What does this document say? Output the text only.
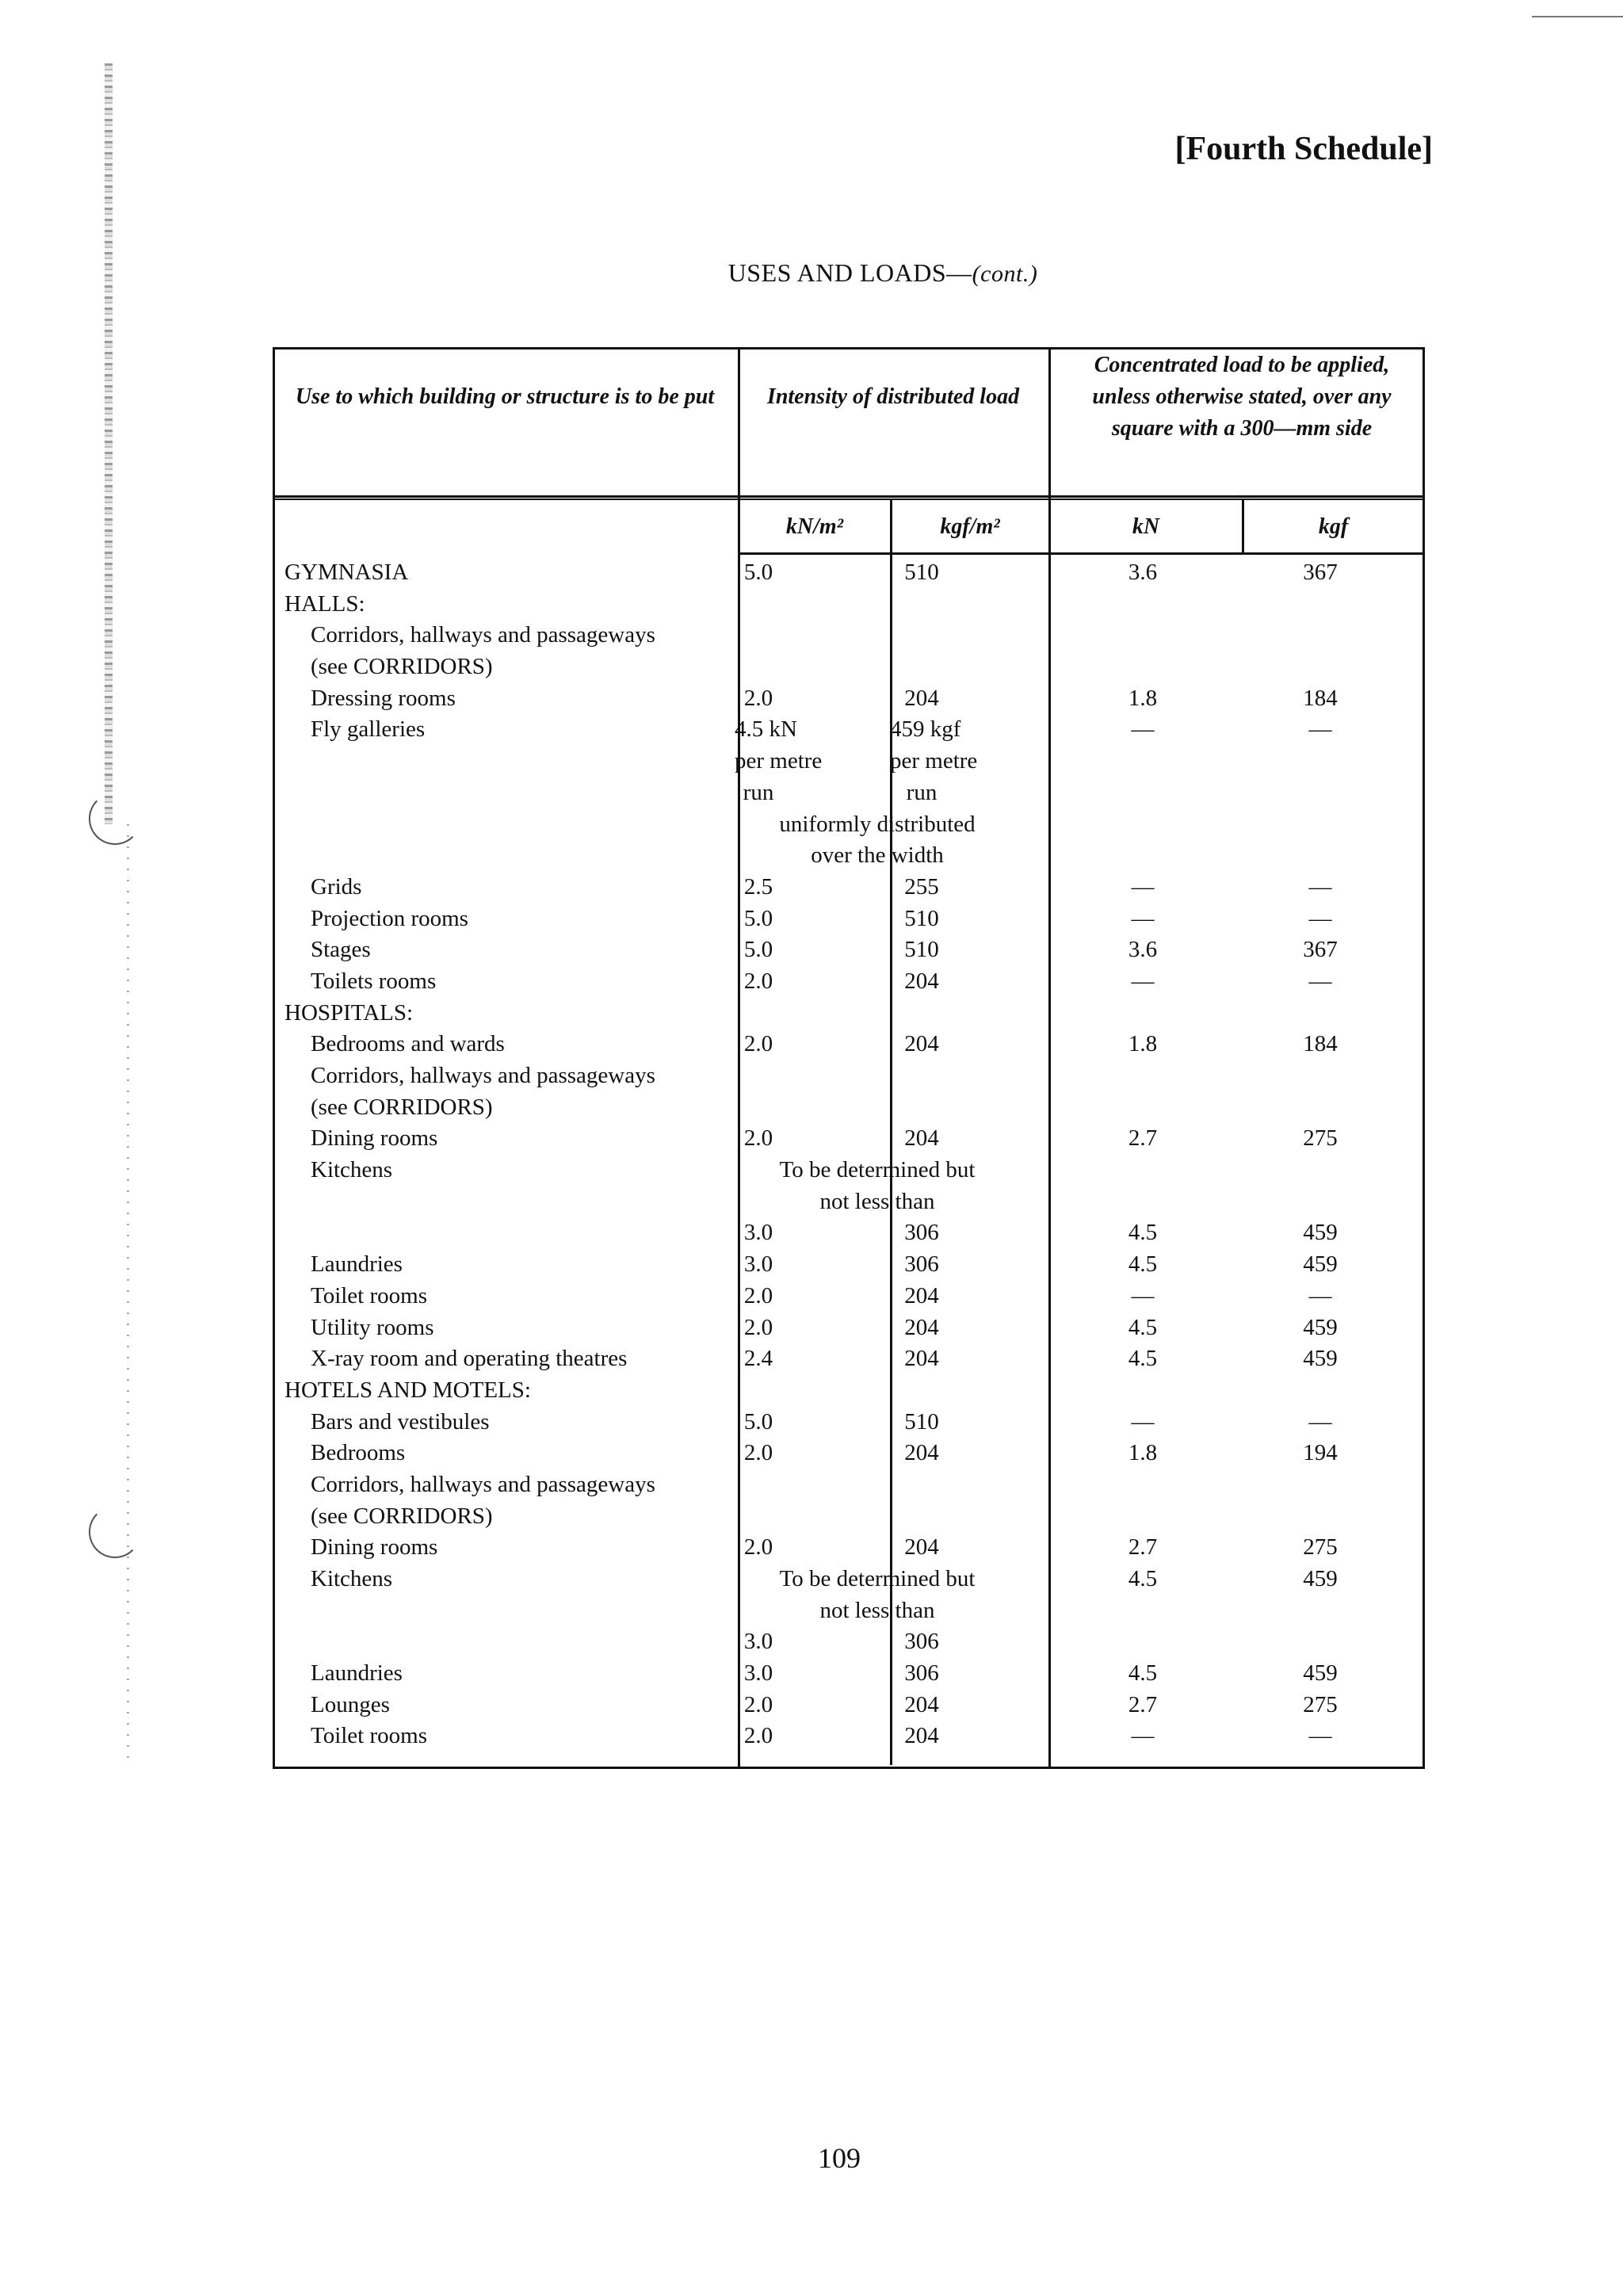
[Fourth Schedule]
USES AND LOADS—(cont.)
Use to which building or structure is to be put	Intensity of distributed load
Concentrated load to be applied, unless otherwise stated, over any square with a 300—mm side
kN/m²	kgf/m²	kN	kgf
GYMNASIA	5.0	510	3.6	367
HALLS:
Corridors, hallways and passageways
(see CORRIDORS)
Dressing rooms	2.0	204	1.8	184
Fly galleries	4.5 kN	459 kgf	—	—
per metre	per metre
run	run
uniformly distributed
over the width
Grids	2.5	255	—	—
Projection rooms	5.0	510	—	—
Stages	5.0	510	3.6	367
Toilets rooms	2.0	204	—	—
HOSPITALS:
Bedrooms and wards	2.0	204	1.8	184
Corridors, hallways and passageways
(see CORRIDORS)
Dining rooms	2.0	204	2.7	275
Kitchens	To be determined but
not less than
3.0	306	4.5	459
Laundries	3.0	306	4.5	459
Toilet rooms	2.0	204	—	—
Utility rooms	2.0	204	4.5	459
X-ray room and operating theatres	2.4	204	4.5	459
HOTELS AND MOTELS:
Bars and vestibules	5.0	510	—	—
Bedrooms	2.0	204	1.8	194
Corridors, hallways and passageways
(see CORRIDORS)
Dining rooms	2.0	204	2.7	275
Kitchens	To be determined but	4.5	459
not less than
3.0	306
Laundries	3.0	306	4.5	459
Lounges	2.0	204	2.7	275
Toilet rooms	2.0	204	—	—
109
